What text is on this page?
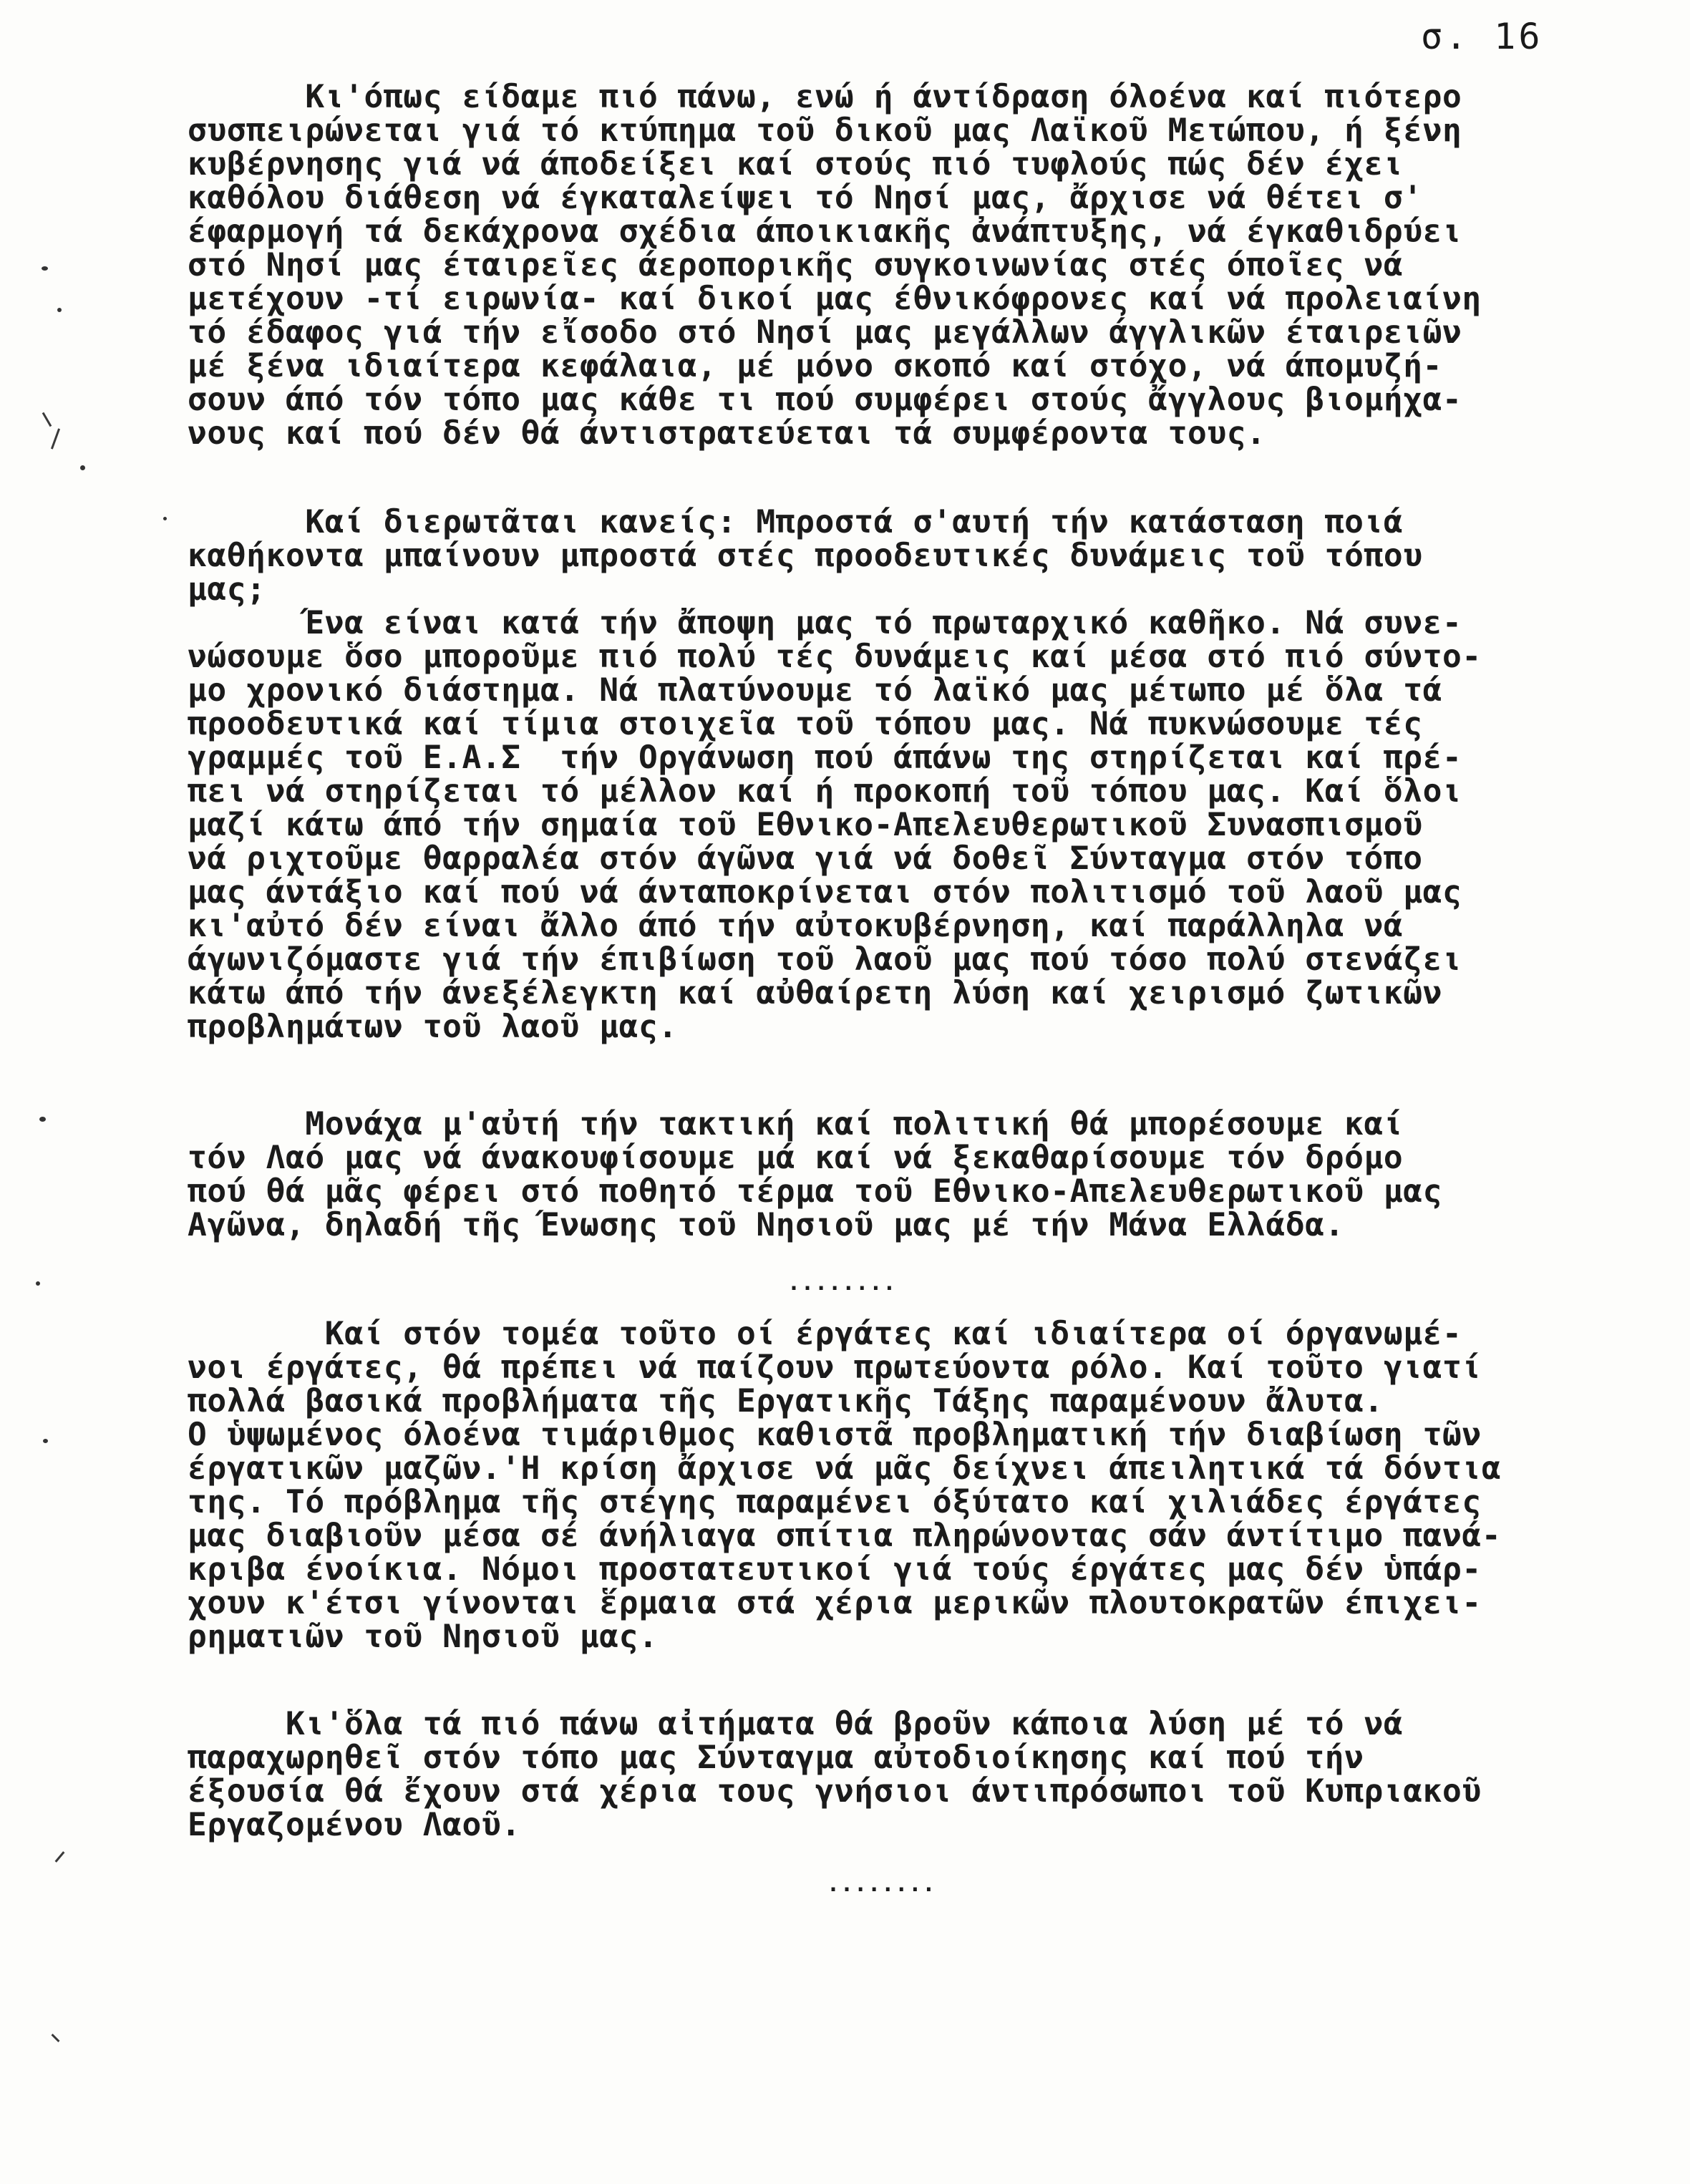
σ. 16

Κι'όπως είδαμε πιό πάνω, ενώ ή άντίδραση όλοένα καί πιότερο
συσπειρώνεται γιά τό κτύπημα τοῦ δικοῦ μας Λαϊκοῦ Μετώπου, ή ξένη
κυβέρνησης γιά νά άποδείξει καί στούς πιό τυφλούς πώς δέν έχει
καθόλου διάθεση νά έγκαταλείψει τό Νησί μας, ἄρχισε νά θέτει σ'
έφαρμογή τά δεκάχρονα σχέδια άποικιακῆς ἀνάπτυξης, νά έγκαθιδρύει
στό Νησί μας έταιρεῖες άεροπορικῆς συγκοινωνίας στές όποῖες νά
μετέχουν -τί ειρωνία- καί δικοί μας έθνικόφρονες καί νά προλειαίνη
τό έδαφος γιά τήν εἴσοδο στό Νησί μας μεγάλλων άγγλικῶν έταιρειῶν
μέ ξένα ιδιαίτερα κεφάλαια, μέ μόνο σκοπό καί στόχο, νά άπομυζή-
σουν άπό τόν τόπο μας κάθε τι πού συμφέρει στούς ἄγγλους βιομήχα-
νους καί πού δέν θά άντιστρατεύεται τά συμφέροντα τους.

Καί διερωτᾶται κανείς: Μπροστά σ'αυτή τήν κατάσταση ποιά
καθήκοντα μπαίνουν μπροστά στές προοδευτικές δυνάμεις τοῦ τόπου
μας;

Ένα είναι κατά τήν ἄποψη μας τό πρωταρχικό καθῆκο. Νά συνε-
νώσουμε ὅσο μποροῦμε πιό πολύ τές δυνάμεις καί μέσα στό πιό σύντο-
μο χρονικό διάστημα. Νά πλατύνουμε τό λαϊκό μας μέτωπο μέ ὅλα τά
προοδευτικά καί τίμια στοιχεῖα τοῦ τόπου μας. Νά πυκνώσουμε τές
γραμμές τοῦ Ε.Α.Σ  τήν Οργάνωση πού άπάνω της στηρίζεται καί πρέ-
πει νά στηρίζεται τό μέλλον καί ή προκοπή τοῦ τόπου μας. Καί ὅλοι
μαζί κάτω άπό τήν σημαία τοῦ Εθνικο-Απελευθερωτικοῦ Συνασπισμοῦ
νά ριχτοῦμε θαρραλέα στόν άγῶνα γιά νά δοθεῖ Σύνταγμα στόν τόπο
μας άντάξιο καί πού νά άνταποκρίνεται στόν πολιτισμό τοῦ λαοῦ μας
κι'αὐτό δέν είναι ἄλλο άπό τήν αὐτοκυβέρνηση, καί παράλληλα νά
άγωνιζόμαστε γιά τήν έπιβίωση τοῦ λαοῦ μας πού τόσο πολύ στενάζει
κάτω άπό τήν άνεξέλεγκτη καί αὐθαίρετη λύση καί χειρισμό ζωτικῶν
προβλημάτων τοῦ λαοῦ μας.

Μονάχα μ'αὐτή τήν τακτική καί πολιτική θά μπορέσουμε καί
τόν Λαό μας νά άνακουφίσουμε μά καί νά ξεκαθαρίσουμε τόν δρόμο
πού θά μᾶς φέρει στό ποθητό τέρμα τοῦ Εθνικο-Απελευθερωτικοῦ μας
Αγῶνα, δηλαδή τῆς Ένωσης τοῦ Νησιοῦ μας μέ τήν Μάνα Ελλάδα.

........

Καί στόν τομέα τοῦτο οί έργάτες καί ιδιαίτερα οί όργανωμέ-
νοι έργάτες, θά πρέπει νά παίζουν πρωτεύοντα ρόλο. Καί τοῦτο γιατί
πολλά βασικά προβλήματα τῆς Εργατικῆς Τάξης παραμένουν ἄλυτα.
Ο ὑψωμένος όλοένα τιμάριθμος καθιστᾶ προβληματική τήν διαβίωση τῶν
έργατικῶν μαζῶν.'Η κρίση ἄρχισε νά μᾶς δείχνει άπειλητικά τά δόντια
της. Τό πρόβλημα τῆς στέγης παραμένει όξύτατο καί χιλιάδες έργάτες
μας διαβιοῦν μέσα σέ άνήλιαγα σπίτια πληρώνοντας σάν άντίτιμο πανά-
κριβα ένοίκια. Νόμοι προστατευτικοί γιά τούς έργάτες μας δέν ὑπάρ-
χουν κ'έτσι γίνονται ἕρμαια στά χέρια μερικῶν πλουτοκρατῶν έπιχει-
ρηματιῶν τοῦ Νησιοῦ μας.

Κι'ὅλα τά πιό πάνω αἰτήματα θά βροῦν κάποια λύση μέ τό νά
παραχωρηθεῖ στόν τόπο μας Σύνταγμα αὐτοδιοίκησης καί πού τήν
έξουσία θά ἔχουν στά χέρια τους γνήσιοι άντιπρόσωποι τοῦ Κυπριακοῦ
Εργαζομένου Λαοῦ.

........
